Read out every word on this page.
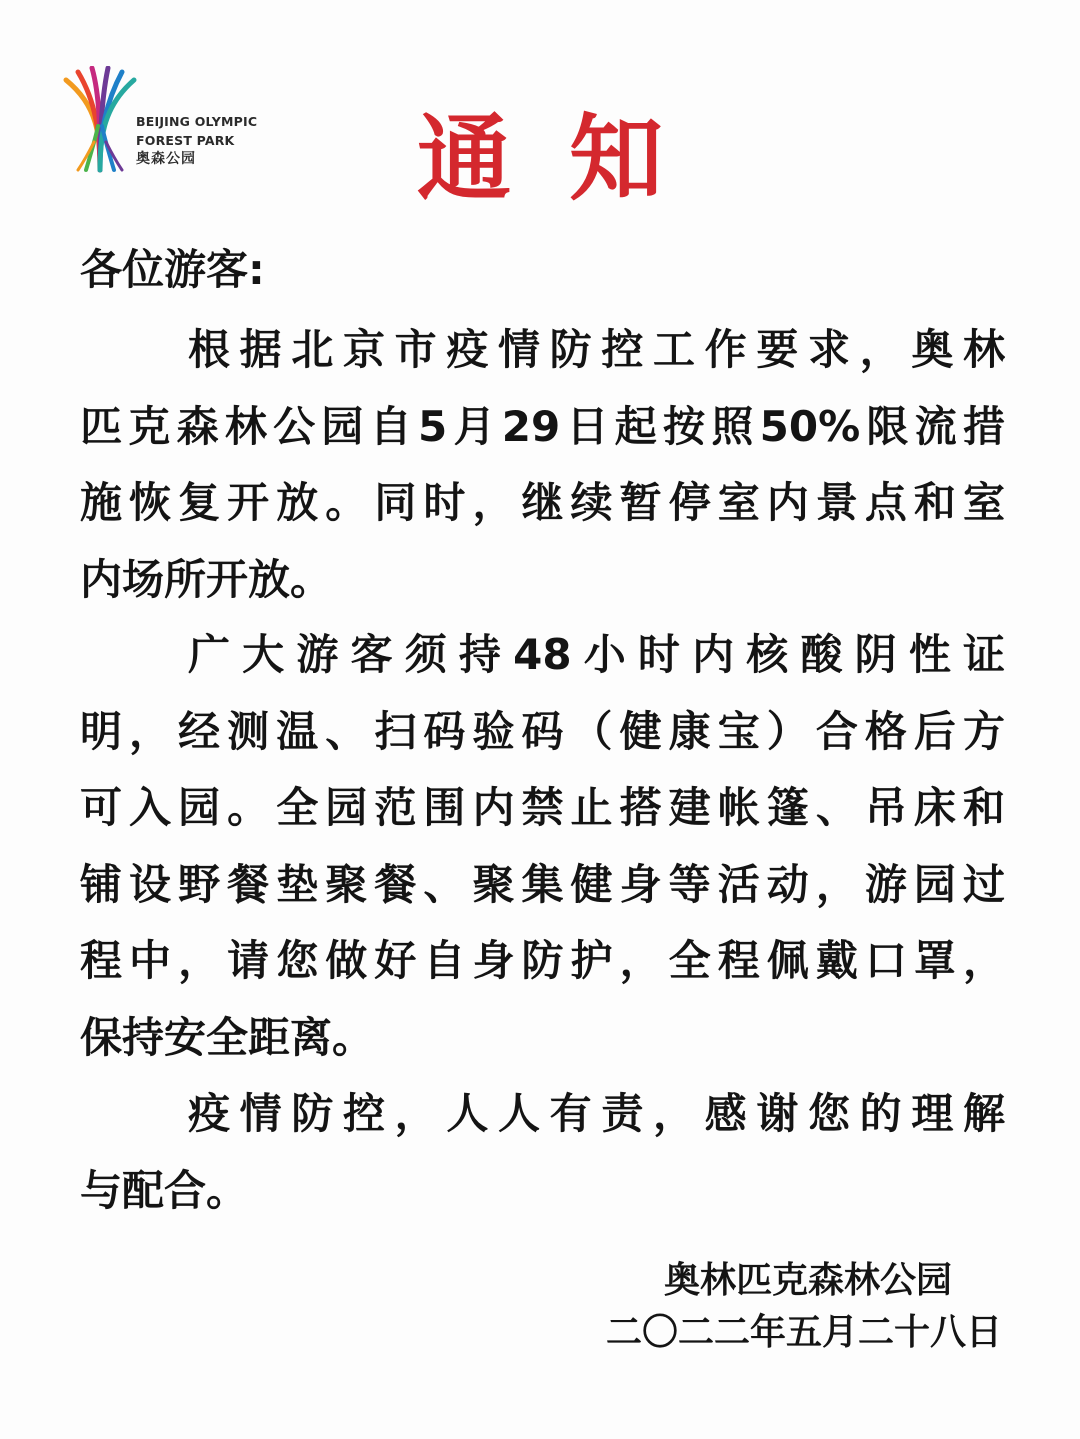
BEIJING OLYMPIC
FOREST PARK
奥森公园	通知
各位游客:
根据北京市疫情防控工作要求，奥林
匹克森林公园自5月29日起按照50%限流措
施恢复开放。同时，继续暂停室内景点和室
内场所开放。
广大游客须持48小时内核酸阴性证
明，经测温、扫码验码（健康宝）合格后方
可入园。全园范围内禁止搭建帐篷、吊床和
铺设野餐垫聚餐、聚集健身等活动，游园过
程中，请您做好自身防护，全程佩戴口罩，
保持安全距离。
疫情防控，人人有责，感谢您的理解
与配合。
奥林匹克森林公园
二〇二二年五月二十八日
